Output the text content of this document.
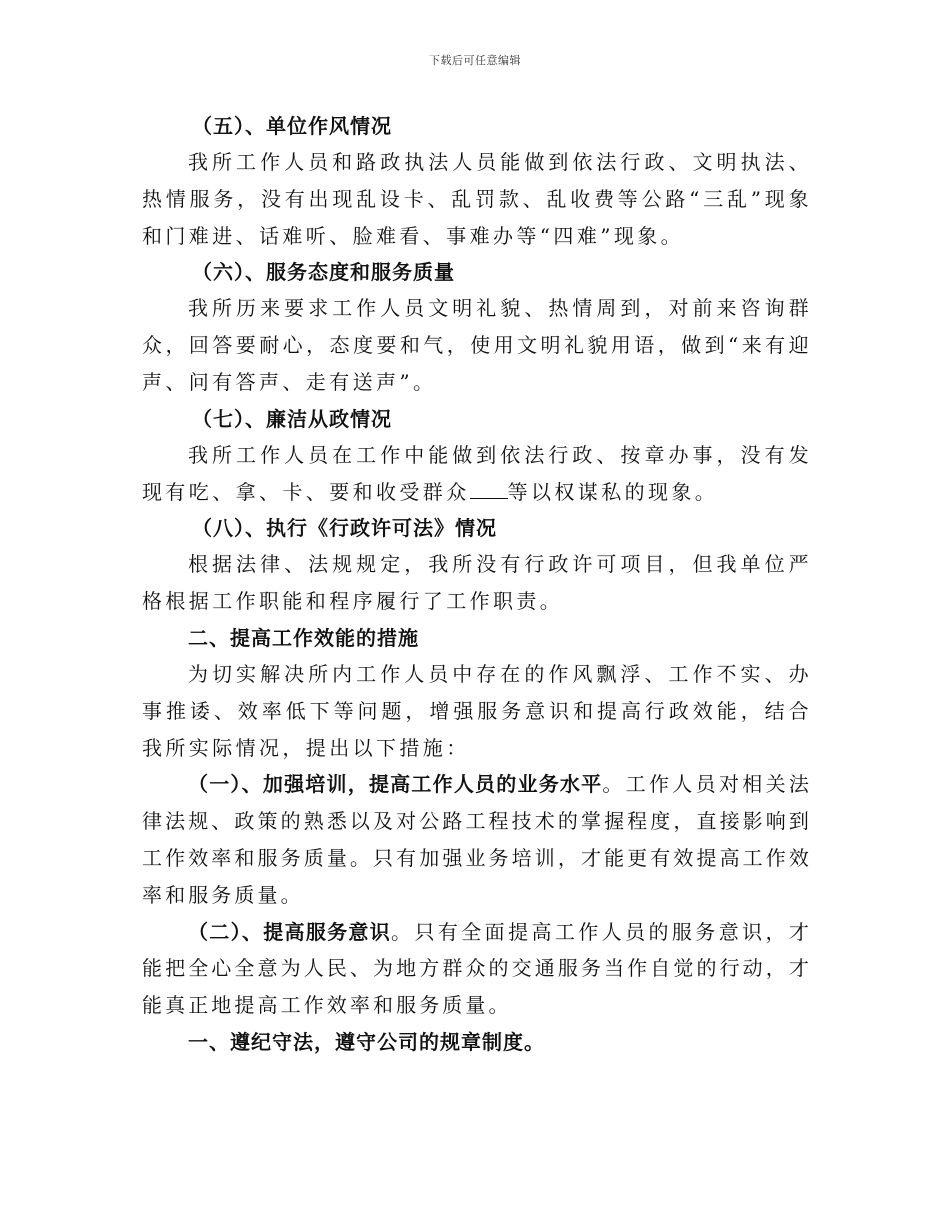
下载后可任意编辑
（五）、单位作风情况

我所工作人员和路政执法人员能做到依法行政、文明执法、热情服务，没有出现乱设卡、乱罚款、乱收费等公路“三乱”现象和门难进、话难听、脸难看、事难办等“四难”现象。

（六）、服务态度和服务质量

我所历来要求工作人员文明礼貌、热情周到，对前来咨询群众，回答要耐心，态度要和气，使用文明礼貌用语，做到“来有迎声、问有答声、走有送声”。

（七）、廉洁从政情况

我所工作人员在工作中能做到依法行政、按章办事，没有发现有吃、拿、卡、要和收受群众 等以权谋私的现象。

（八）、执行《行政许可法》情况

根据法律、法规规定，我所没有行政许可项目，但我单位严格根据工作职能和程序履行了工作职责。

二、提高工作效能的措施

为切实解决所内工作人员中存在的作风飘浮、工作不实、办事推诿、效率低下等问题，增强服务意识和提高行政效能，结合我所实际情况，提出以下措施：

（一）、加强培训，提高工作人员的业务水平。工作人员对相关法律法规、政策的熟悉以及对公路工程技术的掌握程度，直接影响到工作效率和服务质量。只有加强业务培训，才能更有效提高工作效率和服务质量。

（二）、提高服务意识。只有全面提高工作人员的服务意识，才能把全心全意为人民、为地方群众的交通服务当作自觉的行动，才能真正地提高工作效率和服务质量。

一、遵纪守法，遵守公司的规章制度。
